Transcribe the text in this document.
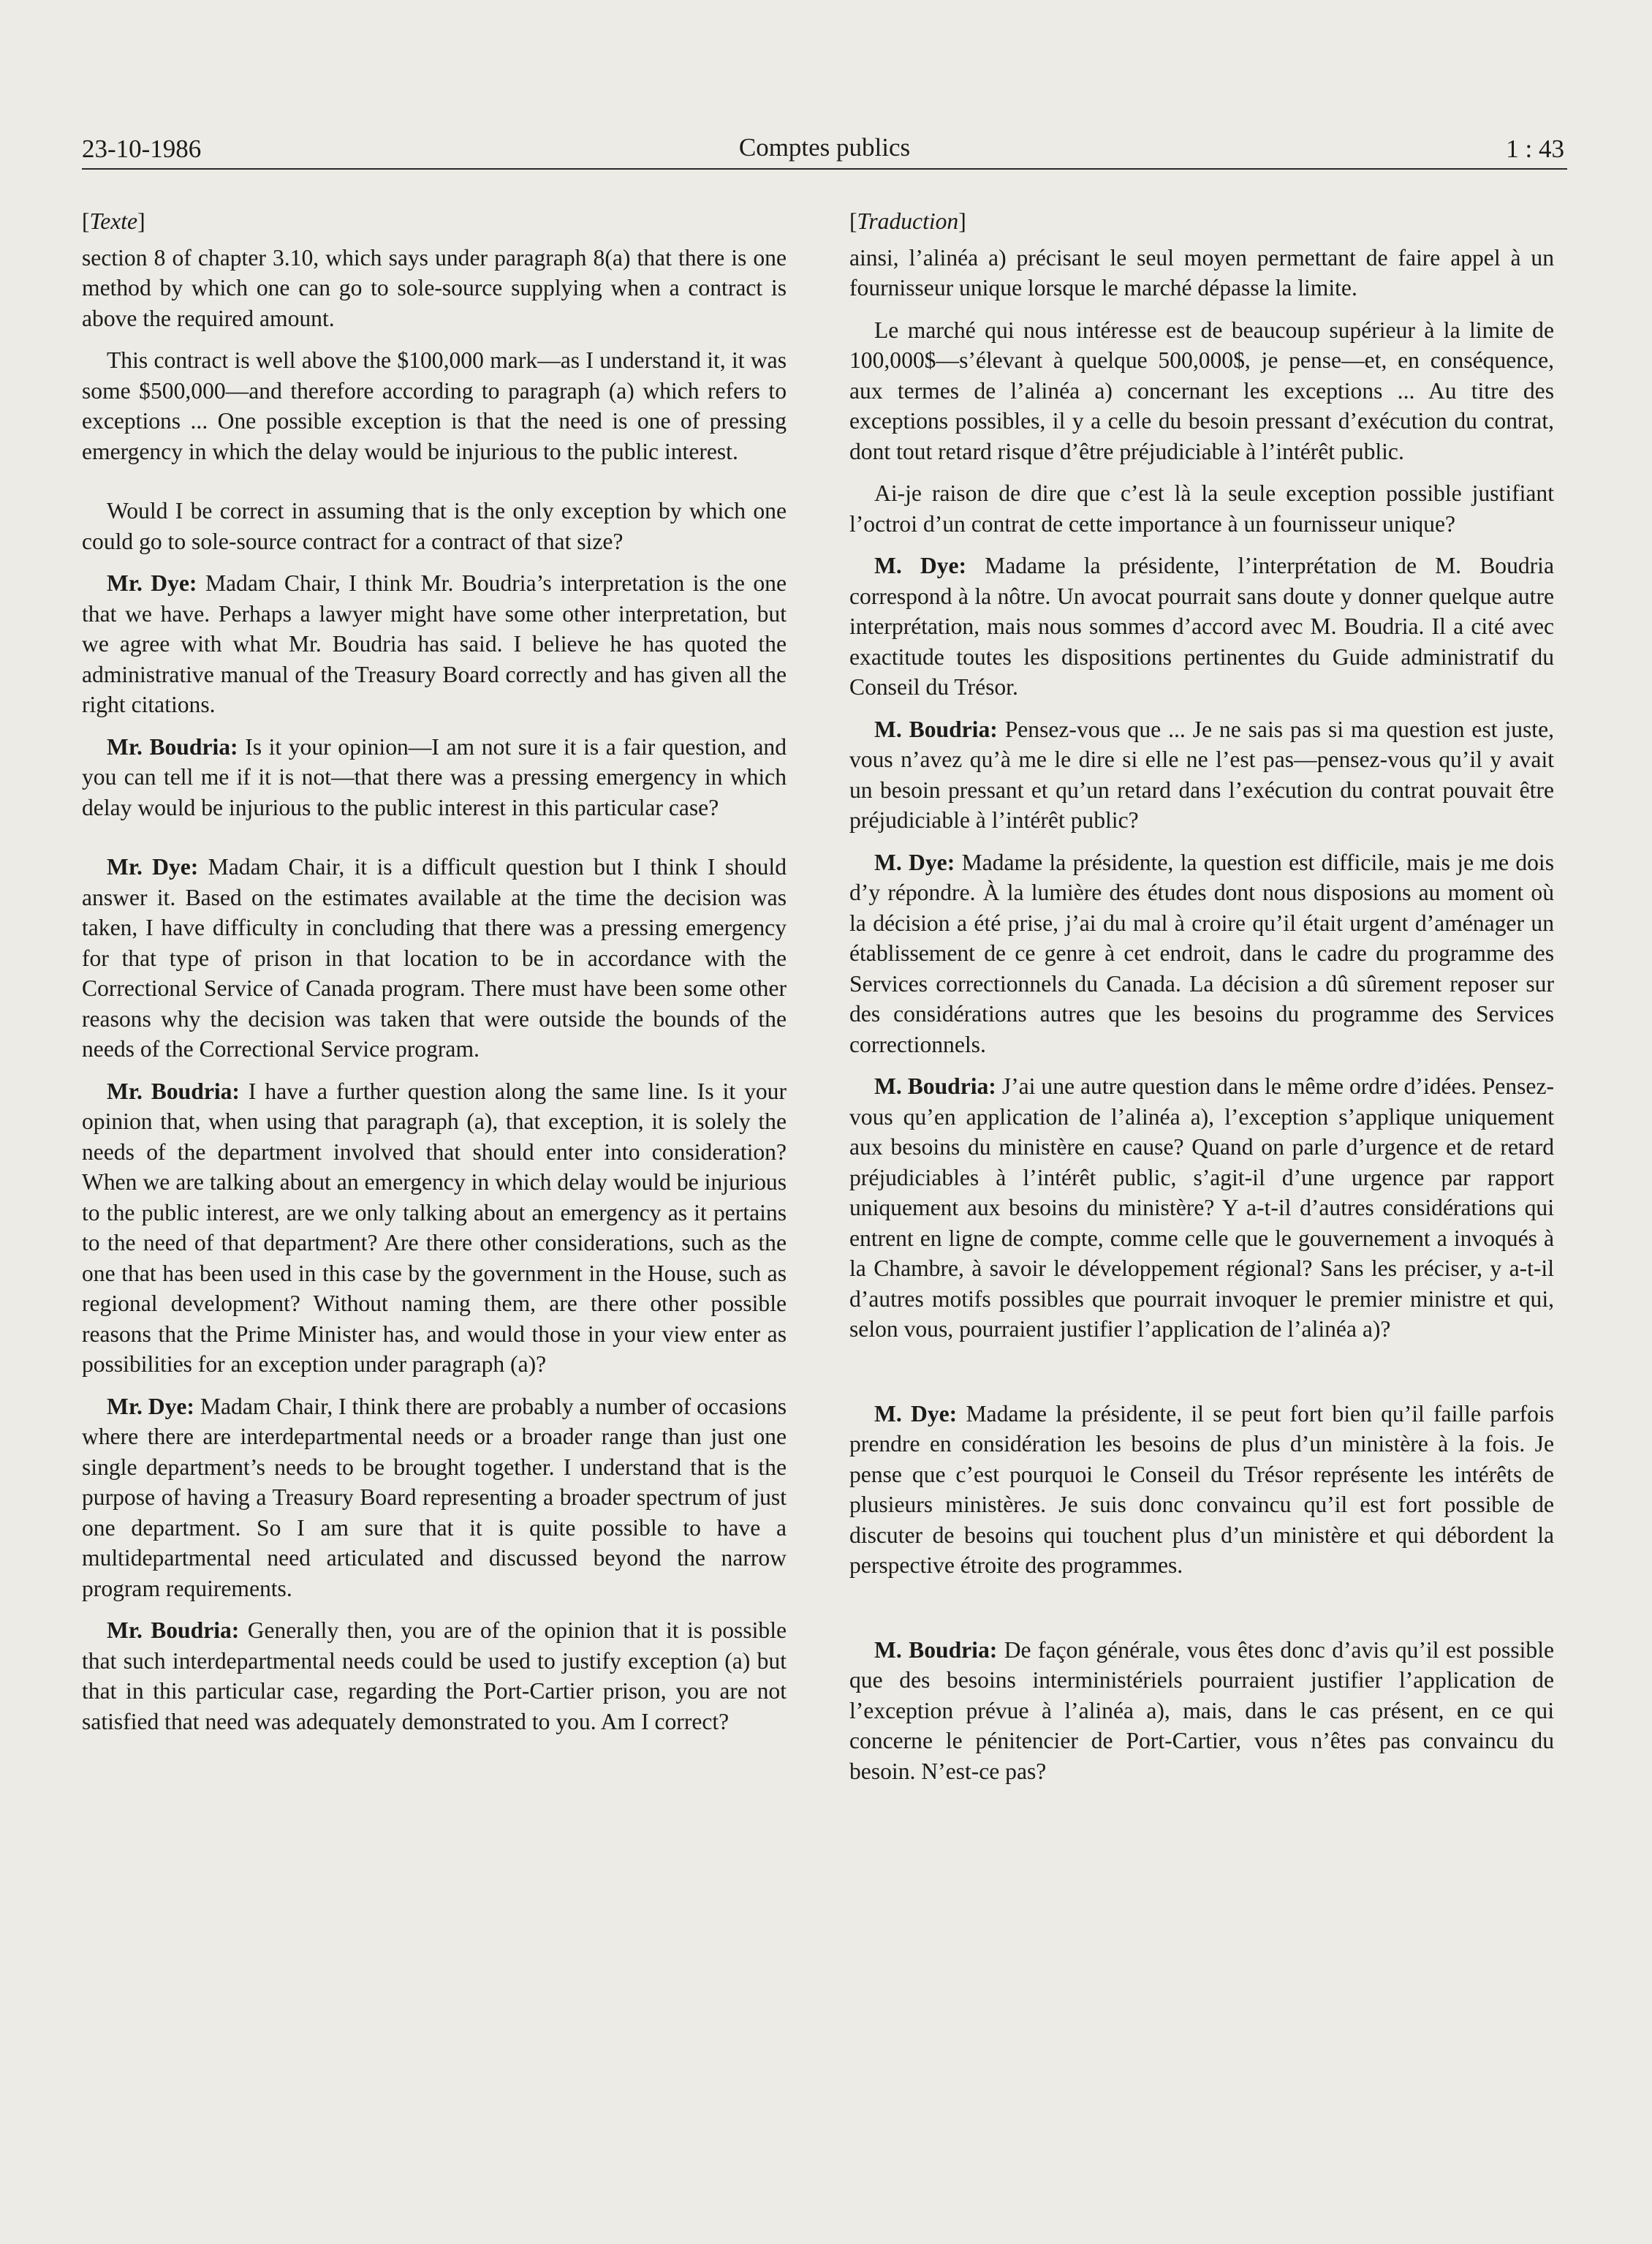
23-10-1986	Comptes publics	1 : 43
[Texte]

section 8 of chapter 3.10, which says under paragraph 8(a) that there is one method by which one can go to sole-source supplying when a contract is above the required amount.

This contract is well above the $100,000 mark—as I understand it, it was some $500,000—and therefore according to paragraph (a) which refers to exceptions ... One possible exception is that the need is one of pressing emergency in which the delay would be injurious to the public interest.

Would I be correct in assuming that is the only exception by which one could go to sole-source contract for a contract of that size?

Mr. Dye: Madam Chair, I think Mr. Boudria’s interpretation is the one that we have. Perhaps a lawyer might have some other interpretation, but we agree with what Mr. Boudria has said. I believe he has quoted the administrative manual of the Treasury Board correctly and has given all the right citations.

Mr. Boudria: Is it your opinion—I am not sure it is a fair question, and you can tell me if it is not—that there was a pressing emergency in which delay would be injurious to the public interest in this particular case?

Mr. Dye: Madam Chair, it is a difficult question but I think I should answer it. Based on the estimates available at the time the decision was taken, I have difficulty in concluding that there was a pressing emergency for that type of prison in that location to be in accordance with the Correctional Service of Canada program. There must have been some other reasons why the decision was taken that were outside the bounds of the needs of the Correctional Service program.

Mr. Boudria: I have a further question along the same line. Is it your opinion that, when using that paragraph (a), that exception, it is solely the needs of the department involved that should enter into consideration? When we are talking about an emergency in which delay would be injurious to the public interest, are we only talking about an emergency as it pertains to the need of that department? Are there other considerations, such as the one that has been used in this case by the government in the House, such as regional development? Without naming them, are there other possible reasons that the Prime Minister has, and would those in your view enter as possibilities for an exception under paragraph (a)?

Mr. Dye: Madam Chair, I think there are probably a number of occasions where there are interdepartmental needs or a broader range than just one single department’s needs to be brought together. I understand that is the purpose of having a Treasury Board representing a broader spectrum of just one department. So I am sure that it is quite possible to have a multidepartmental need articulated and discussed beyond the narrow program requirements.

Mr. Boudria: Generally then, you are of the opinion that it is possible that such interdepartmental needs could be used to justify exception (a) but that in this particular case, regarding the Port-Cartier prison, you are not satisfied that need was adequately demonstrated to you. Am I correct?

[Traduction]

ainsi, l’alinéa a) précisant le seul moyen permettant de faire appel à un fournisseur unique lorsque le marché dépasse la limite.

Le marché qui nous intéresse est de beaucoup supérieur à la limite de 100,000$—s’élevant à quelque 500,000$, je pense—et, en conséquence, aux termes de l’alinéa a) concernant les exceptions ... Au titre des exceptions possibles, il y a celle du besoin pressant d’exécution du contrat, dont tout retard risque d’être préjudiciable à l’intérêt public.

Ai-je raison de dire que c’est là la seule exception possible justifiant l’octroi d’un contrat de cette importance à un fournisseur unique?

M. Dye: Madame la présidente, l’interprétation de M. Boudria correspond à la nôtre. Un avocat pourrait sans doute y donner quelque autre interprétation, mais nous sommes d’accord avec M. Boudria. Il a cité avec exactitude toutes les dispositions pertinentes du Guide administratif du Conseil du Trésor.

M. Boudria: Pensez-vous que ... Je ne sais pas si ma question est juste, vous n’avez qu’à me le dire si elle ne l’est pas—pensez-vous qu’il y avait un besoin pressant et qu’un retard dans l’exécution du contrat pouvait être préjudiciable à l’intérêt public?

M. Dye: Madame la présidente, la question est difficile, mais je me dois d’y répondre. À la lumière des études dont nous disposions au moment où la décision a été prise, j’ai du mal à croire qu’il était urgent d’aménager un établissement de ce genre à cet endroit, dans le cadre du programme des Services correctionnels du Canada. La décision a dû sûrement reposer sur des considérations autres que les besoins du programme des Services correctionnels.

M. Boudria: J’ai une autre question dans le même ordre d’idées. Pensez-vous qu’en application de l’alinéa a), l’exception s’applique uniquement aux besoins du ministère en cause? Quand on parle d’urgence et de retard préjudiciables à l’intérêt public, s’agit-il d’une urgence par rapport uniquement aux besoins du ministère? Y a-t-il d’autres considérations qui entrent en ligne de compte, comme celle que le gouvernement a invoqués à la Chambre, à savoir le développement régional? Sans les préciser, y a-t-il d’autres motifs possibles que pourrait invoquer le premier ministre et qui, selon vous, pourraient justifier l’application de l’alinéa a)?

M. Dye: Madame la présidente, il se peut fort bien qu’il faille parfois prendre en considération les besoins de plus d’un ministère à la fois. Je pense que c’est pourquoi le Conseil du Trésor représente les intérêts de plusieurs ministères. Je suis donc convaincu qu’il est fort possible de discuter de besoins qui touchent plus d’un ministère et qui débordent la perspective étroite des programmes.

M. Boudria: De façon générale, vous êtes donc d’avis qu’il est possible que des besoins interministériels pourraient justifier l’application de l’exception prévue à l’alinéa a), mais, dans le cas présent, en ce qui concerne le pénitencier de Port-Cartier, vous n’êtes pas convaincu du besoin. N’est-ce pas?
